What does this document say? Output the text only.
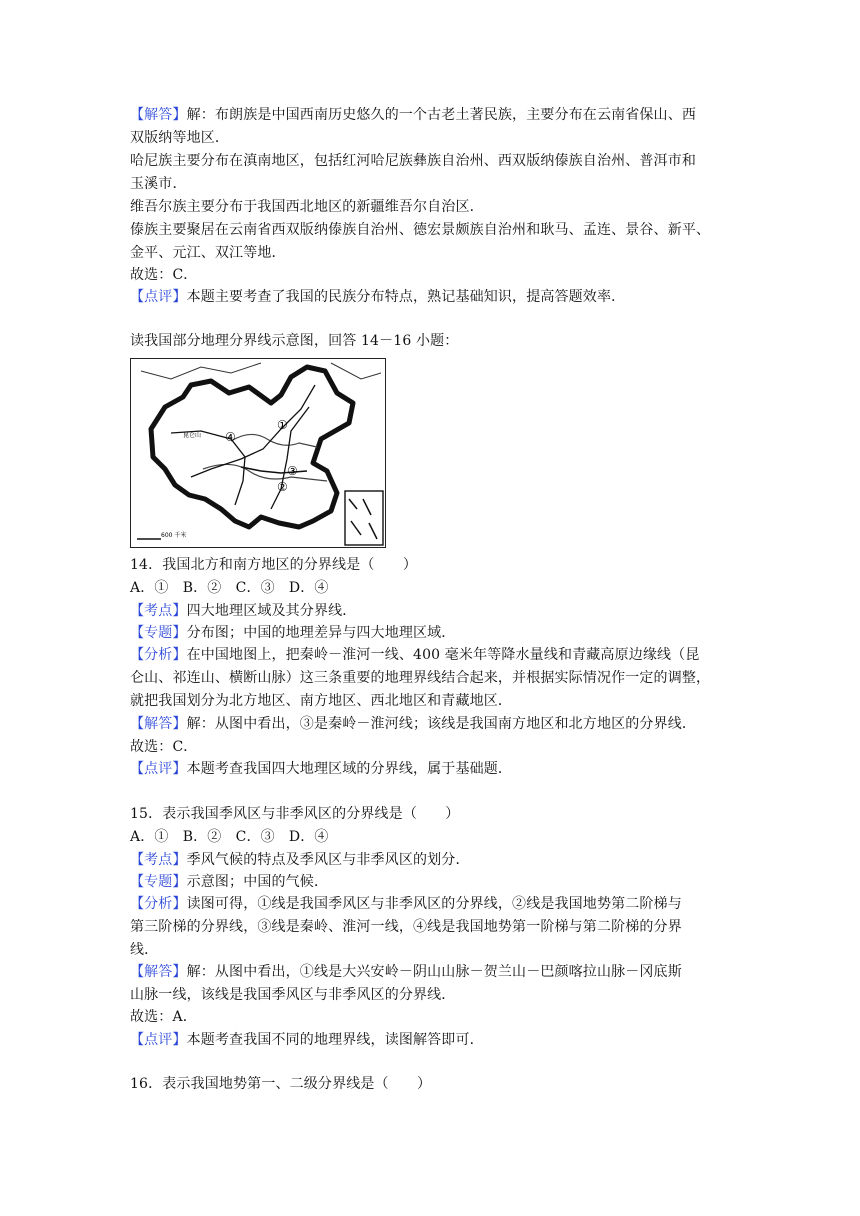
【解答】解：布朗族是中国西南历史悠久的一个古老土著民族，主要分布在云南省保山、西
双版纳等地区．
哈尼族主要分布在滇南地区，包括红河哈尼族彝族自治州、西双版纳傣族自治州、普洱市和
玉溪市．
维吾尔族主要分布于我国西北地区的新疆维吾尔自治区．
傣族主要聚居在云南省西双版纳傣族自治州、德宏景颇族自治州和耿马、孟连、景谷、新平、
金平、元江、双江等地．
故选：C．
【点评】本题主要考查了我国的民族分布特点，熟记基础知识，提高答题效率．
读我国部分地理分界线示意图，回答 14－16 小题：
14．我国北方和南方地区的分界线是（　　）
A．①　B．②　C．③　D．④
【考点】四大地理区域及其分界线．
【专题】分布图；中国的地理差异与四大地理区域．
【分析】在中国地图上，把秦岭－淮河一线、400 毫米年等降水量线和青藏高原边缘线（昆
仑山、祁连山、横断山脉）这三条重要的地理界线结合起来，并根据实际情况作一定的调整，
就把我国划分为北方地区、南方地区、西北地区和青藏地区．
【解答】解：从图中看出，③是秦岭－淮河线；该线是我国南方地区和北方地区的分界线．
故选：C．
【点评】本题考查我国四大地理区域的分界线，属于基础题．
15．表示我国季风区与非季风区的分界线是（　　）
A．①　B．②　C．③　D．④
【考点】季风气候的特点及季风区与非季风区的划分．
【专题】示意图；中国的气候．
【分析】读图可得，①线是我国季风区与非季风区的分界线，②线是我国地势第二阶梯与
第三阶梯的分界线，③线是秦岭、淮河一线，④线是我国地势第一阶梯与第二阶梯的分界
线．
【解答】解：从图中看出，①线是大兴安岭－阴山山脉－贺兰山－巴颜喀拉山脉－冈底斯
山脉一线，该线是我国季风区与非季风区的分界线．
故选：A．
【点评】本题考查我国不同的地理界线，读图解答即可．
16．表示我国地势第一、二级分界线是（　　）
①
②
③
④
昆仑山
600 千米
